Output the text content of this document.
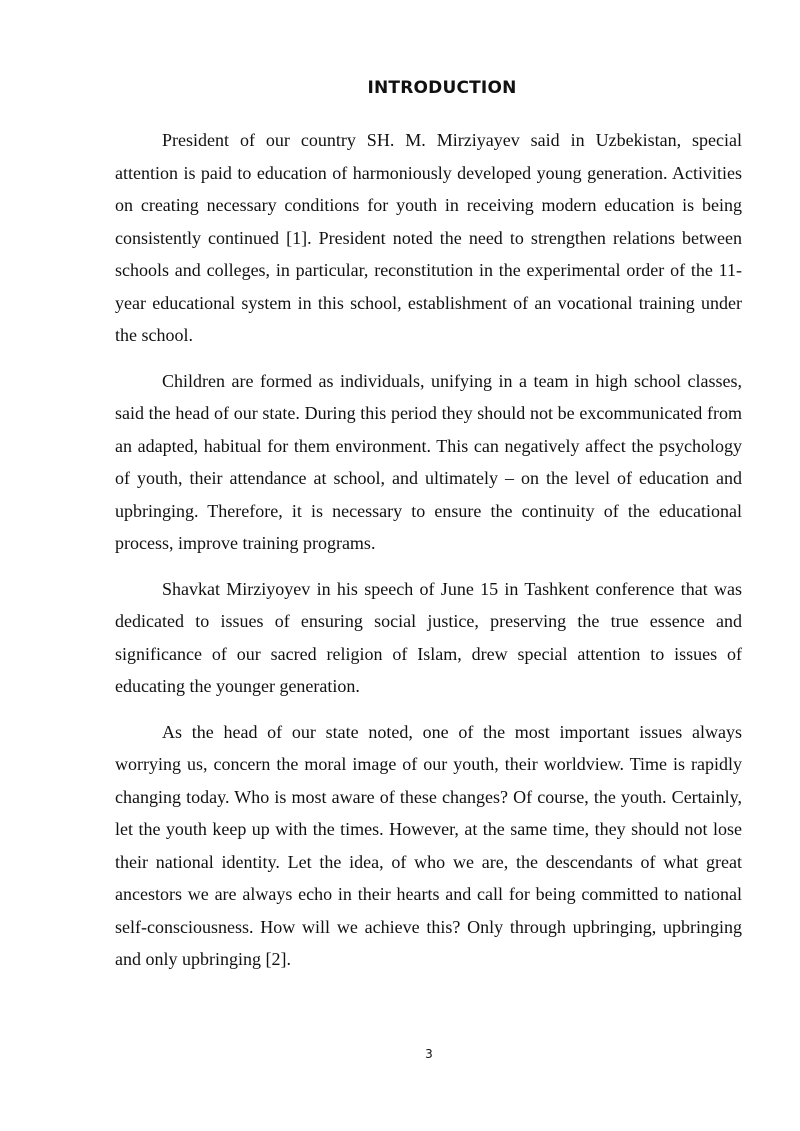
INTRODUCTION

President of our country SH. M. Mirziyayev said in Uzbekistan, special attention is paid to education of harmoniously developed young generation. Activities on creating necessary conditions for youth in receiving modern education is being consistently continued [1]. President noted the need to strengthen relations between schools and colleges, in particular, reconstitution in the experimental order of the 11-year educational system in this school, establishment of an vocational training under the school.

Children are formed as individuals, unifying in a team in high school classes, said the head of our state. During this period they should not be excommunicated from an adapted, habitual for them environment. This can negatively affect the psychology of youth, their attendance at school, and ultimately – on the level of education and upbringing. Therefore, it is necessary to ensure the continuity of the educational process, improve training programs.

Shavkat Mirziyoyev in his speech of June 15 in Tashkent conference that was dedicated to issues of ensuring social justice, preserving the true essence and significance of our sacred religion of Islam, drew special attention to issues of educating the younger generation.

As the head of our state noted, one of the most important issues always worrying us, concern the moral image of our youth, their worldview. Time is rapidly changing today. Who is most aware of these changes? Of course, the youth. Certainly, let the youth keep up with the times. However, at the same time, they should not lose their national identity. Let the idea, of who we are, the descendants of what great ancestors we are always echo in their hearts and call for being committed to national self-consciousness. How will we achieve this? Only through upbringing, upbringing and only upbringing [2].

3
